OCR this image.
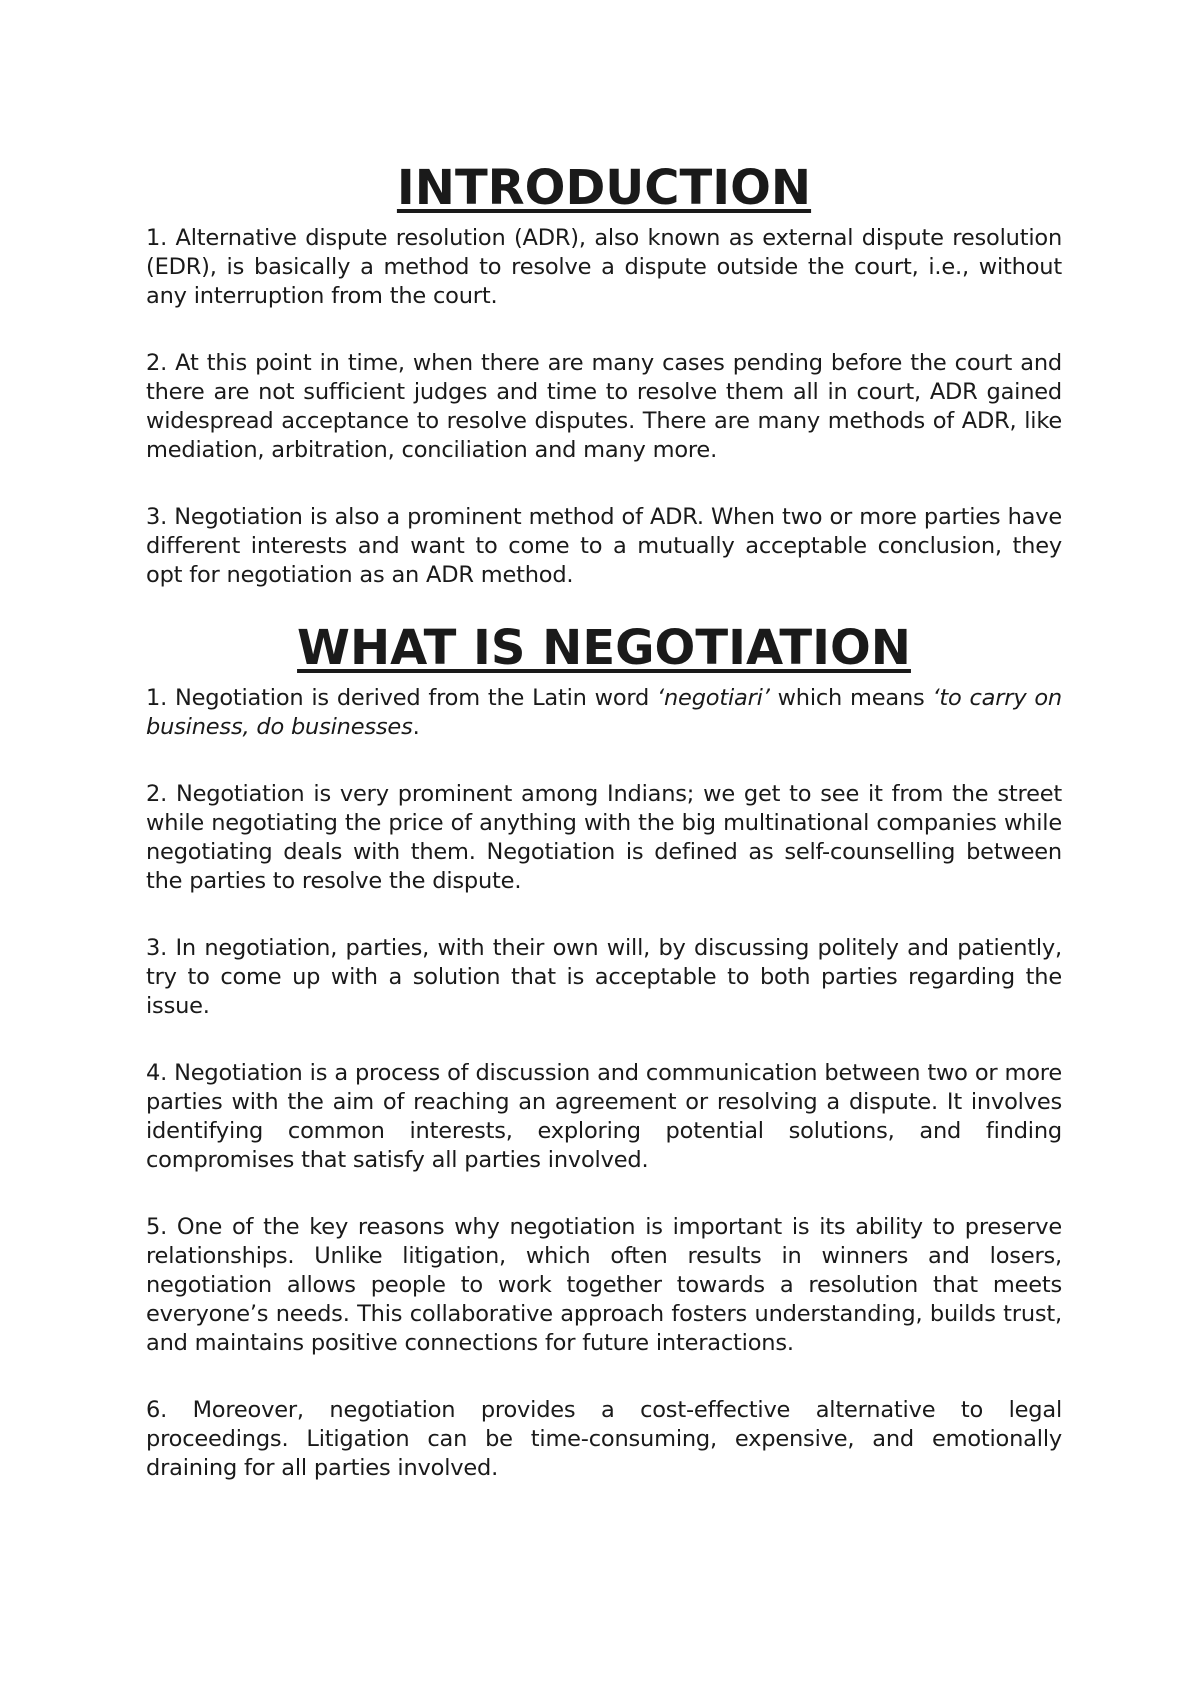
INTRODUCTION

1. Alternative dispute resolution (ADR), also known as external dispute resolution (EDR), is basically a method to resolve a dispute outside the court, i.e., without any interruption from the court.

2. At this point in time, when there are many cases pending before the court and there are not sufficient judges and time to resolve them all in court, ADR gained widespread acceptance to resolve disputes. There are many methods of ADR, like mediation, arbitration, conciliation and many more.

3. Negotiation is also a prominent method of ADR. When two or more parties have different interests and want to come to a mutually acceptable conclusion, they opt for negotiation as an ADR method.

WHAT IS NEGOTIATION

1. Negotiation is derived from the Latin word ‘negotiari’ which means ‘to carry on business, do businesses.

2. Negotiation is very prominent among Indians; we get to see it from the street while negotiating the price of anything with the big multinational companies while negotiating deals with them. Negotiation is defined as self-counselling between the parties to resolve the dispute.

3. In negotiation, parties, with their own will, by discussing politely and patiently, try to come up with a solution that is acceptable to both parties regarding the issue.

4. Negotiation is a process of discussion and communication between two or more parties with the aim of reaching an agreement or resolving a dispute. It involves identifying common interests, exploring potential solutions, and finding compromises that satisfy all parties involved.

5. One of the key reasons why negotiation is important is its ability to preserve relationships. Unlike litigation, which often results in winners and losers, negotiation allows people to work together towards a resolution that meets everyone’s needs. This collaborative approach fosters understanding, builds trust, and maintains positive connections for future interactions.

6. Moreover, negotiation provides a cost-effective alternative to legal proceedings. Litigation can be time-consuming, expensive, and emotionally draining for all parties involved.
